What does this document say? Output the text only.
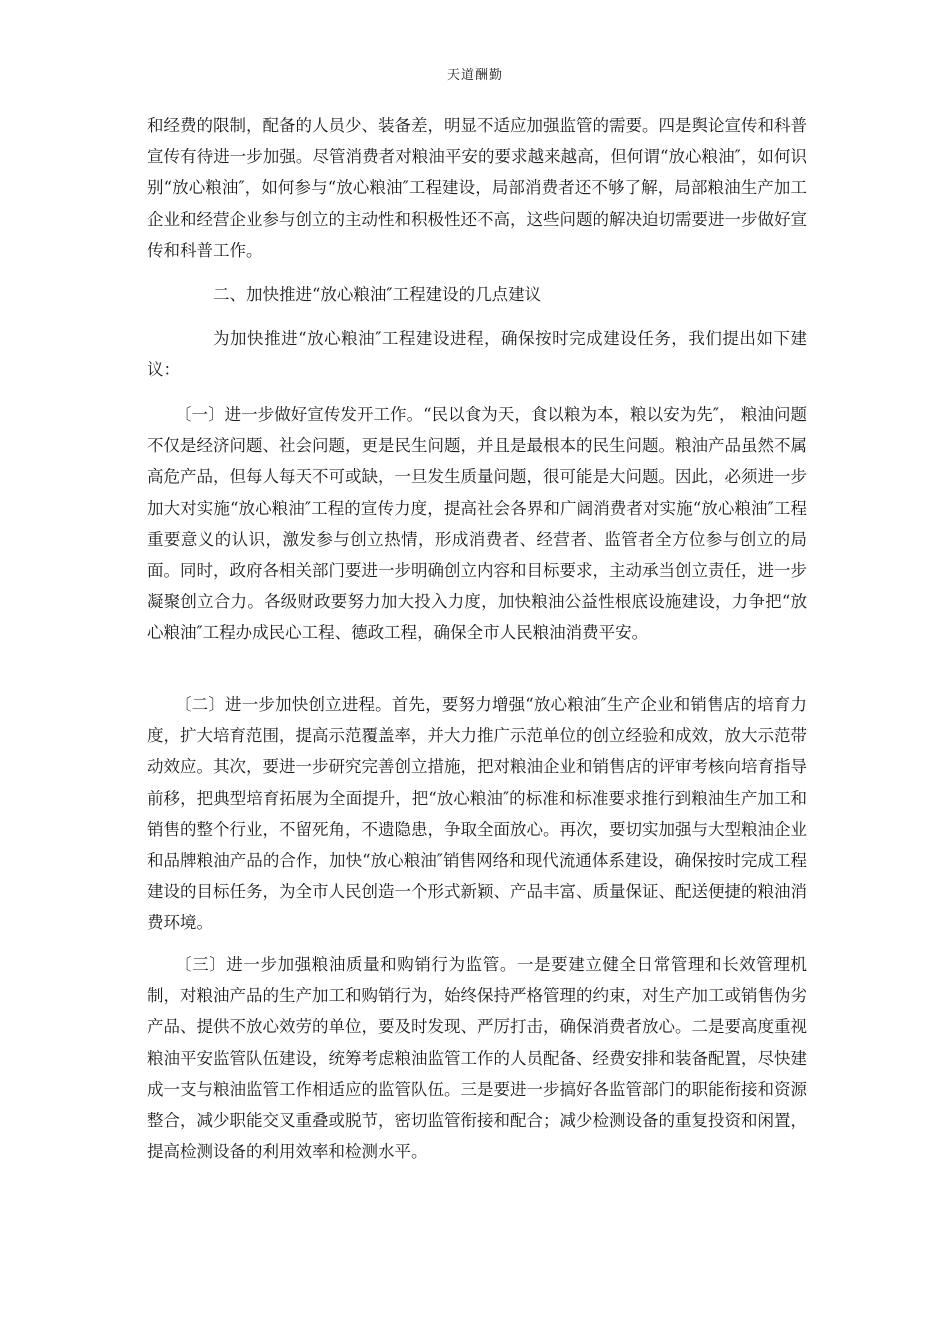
天道酬勤

和经费的限制，配备的人员少、装备差，明显不适应加强监管的需要。四是舆论宣传和科普宣传有待进一步加强。尽管消费者对粮油平安的要求越来越高，但何谓“放心粮油″，如何识别“放心粮油″，如何参与“放心粮油″工程建设，局部消费者还不够了解，局部粮油生产加工企业和经营企业参与创立的主动性和积极性还不高，这些问题的解决迫切需要进一步做好宣传和科普工作。

二、加快推进“放心粮油″工程建设的几点建议

为加快推进“放心粮油″工程建设进程，确保按时完成建设任务，我们提出如下建议：

〔一〕进一步做好宣传发开工作。“民以食为天，食以粮为本，粮以安为先″， 粮油问题不仅是经济问题、社会问题，更是民生问题，并且是最根本的民生问题。粮油产品虽然不属高危产品，但每人每天不可或缺，一旦发生质量问题，很可能是大问题。因此，必须进一步加大对实施“放心粮油″工程的宣传力度，提高社会各界和广阔消费者对实施“放心粮油″工程重要意义的认识，激发参与创立热情，形成消费者、经营者、监管者全方位参与创立的局面。同时，政府各相关部门要进一步明确创立内容和目标要求，主动承当创立责任，进一步凝聚创立合力。各级财政要努力加大投入力度，加快粮油公益性根底设施建设，力争把“放心粮油″工程办成民心工程、德政工程，确保全市人民粮油消费平安。

〔二〕进一步加快创立进程。首先，要努力增强“放心粮油″生产企业和销售店的培育力度，扩大培育范围，提高示范覆盖率，并大力推广示范单位的创立经验和成效，放大示范带动效应。其次，要进一步研究完善创立措施，把对粮油企业和销售店的评审考核向培育指导前移，把典型培育拓展为全面提升，把“放心粮油″的标准和标准要求推行到粮油生产加工和销售的整个行业，不留死角，不遗隐患，争取全面放心。再次，要切实加强与大型粮油企业和品牌粮油产品的合作，加快“放心粮油″销售网络和现代流通体系建设，确保按时完成工程建设的目标任务，为全市人民创造一个形式新颖、产品丰富、质量保证、配送便捷的粮油消费环境。

〔三〕进一步加强粮油质量和购销行为监管。一是要建立健全日常管理和长效管理机制，对粮油产品的生产加工和购销行为，始终保持严格管理的约束，对生产加工或销售伪劣产品、提供不放心效劳的单位，要及时发现、严厉打击，确保消费者放心。二是要高度重视粮油平安监管队伍建设，统筹考虑粮油监管工作的人员配备、经费安排和装备配置，尽快建成一支与粮油监管工作相适应的监管队伍。三是要进一步搞好各监管部门的职能衔接和资源整合，减少职能交叉重叠或脱节，密切监管衔接和配合；减少检测设备的重复投资和闲置，提高检测设备的利用效率和检测水平。
